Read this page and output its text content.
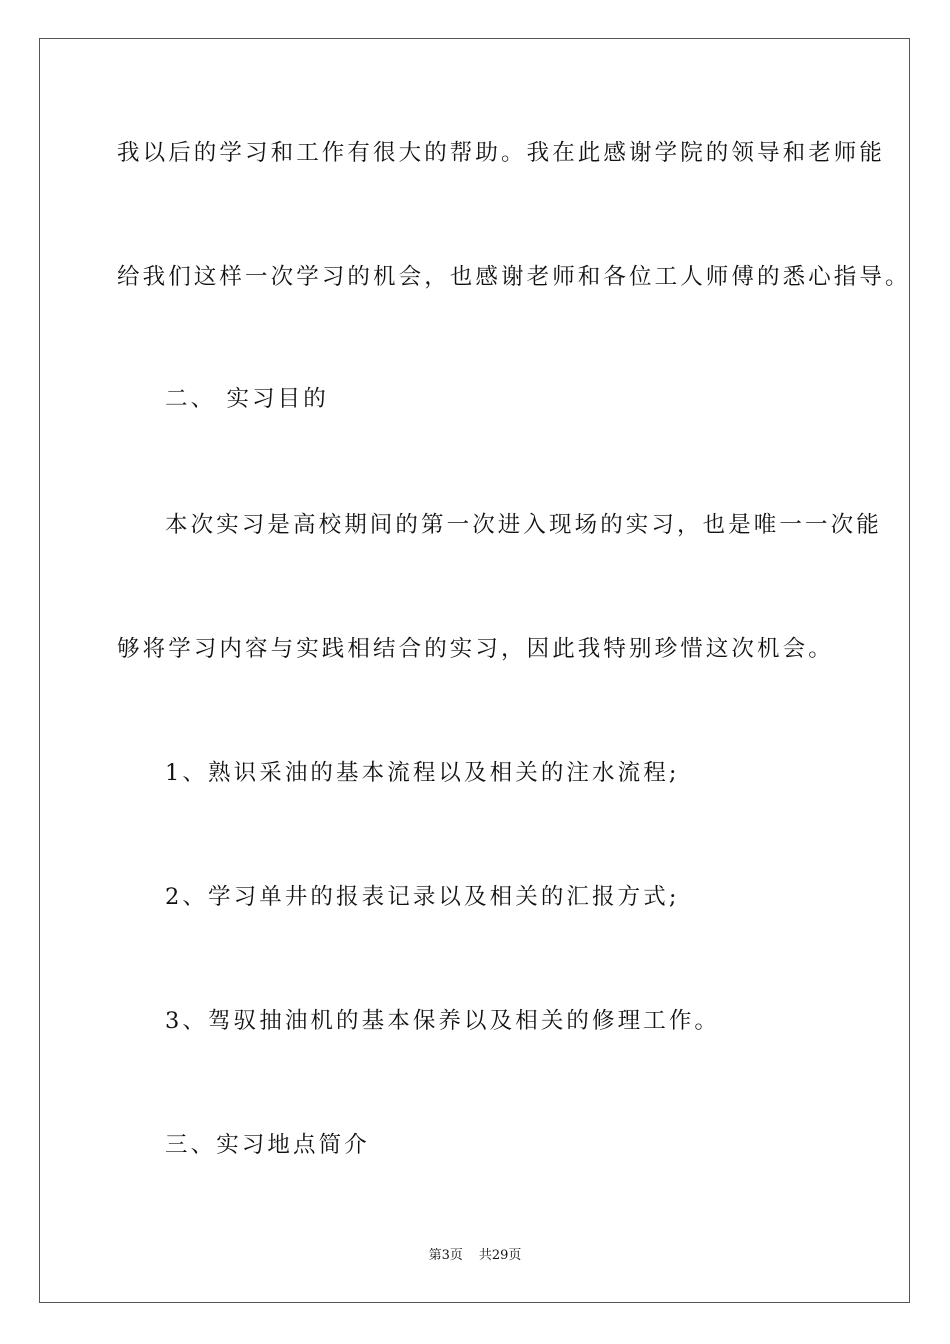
我以后的学习和工作有很大的帮助。我在此感谢学院的领导和老师能
给我们这样一次学习的机会，也感谢老师和各位工人师傅的悉心指导。
二、 实习目的
本次实习是高校期间的第一次进入现场的实习，也是唯一一次能
够将学习内容与实践相结合的实习，因此我特别珍惜这次机会。
1、熟识采油的基本流程以及相关的注水流程;
2、学习单井的报表记录以及相关的汇报方式;
3、驾驭抽油机的基本保养以及相关的修理工作。
三、实习地点简介
第3页 共29页
